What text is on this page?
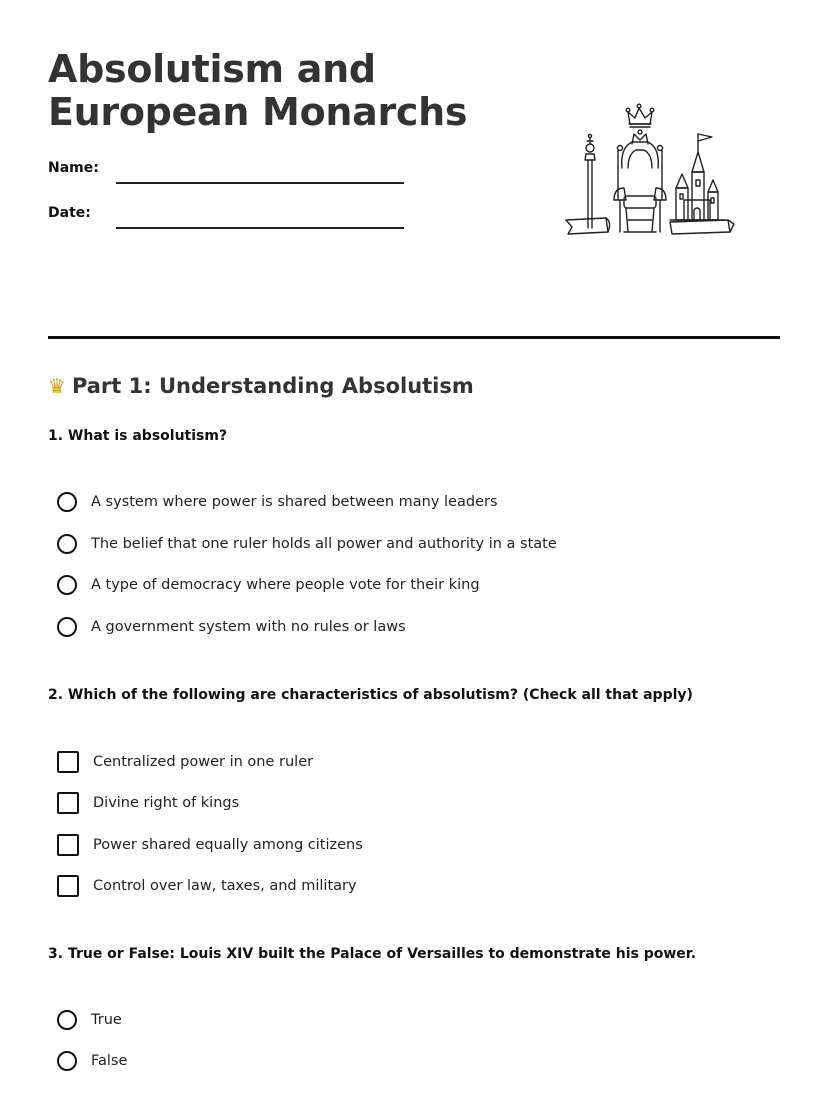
Absolutism and
European Monarchs
Name:
Date:
♛ Part 1: Understanding Absolutism

1. What is absolutism?

A system where power is shared between many leaders
The belief that one ruler holds all power and authority in a state
A type of democracy where people vote for their king
A government system with no rules or laws

2. Which of the following are characteristics of absolutism? (Check all that apply)

Centralized power in one ruler
Divine right of kings
Power shared equally among citizens
Control over law, taxes, and military

3. True or False: Louis XIV built the Palace of Versailles to demonstrate his power.

True
False
